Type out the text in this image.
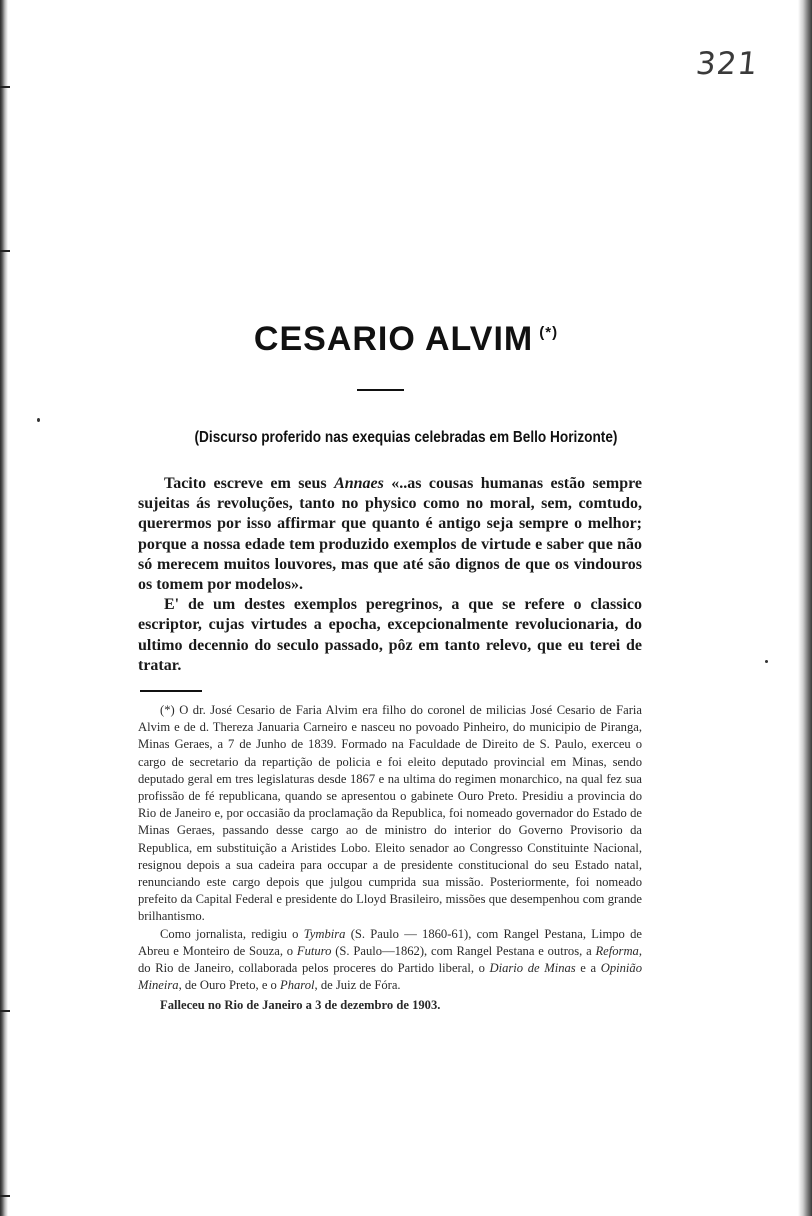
321
CESARIO ALVIM (*)
(Discurso proferido nas exequias celebradas em Bello Horizonte)

Tacito escreve em seus Annaes «..as cousas humanas estão sempre sujeitas ás revoluções, tanto no physico como no moral, sem, comtudo, querermos por isso affirmar que quanto é antigo seja sempre o melhor; porque a nossa edade tem produzido exemplos de virtude e saber que não só merecem muitos louvores, mas que até são dignos de que os vindouros os tomem por modelos».

E' de um destes exemplos peregrinos, a que se refere o classico escriptor, cujas virtudes a epocha, excepcionalmente revolucionaria, do ultimo decennio do seculo passado, pôz em tanto relevo, que eu terei de tratar.

(*) O dr. José Cesario de Faria Alvim era filho do coronel de milicias José Cesario de Faria Alvim e de d. Thereza Januaria Carneiro e nasceu no povoado Pinheiro, do municipio de Piranga, Minas Geraes, a 7 de Junho de 1839. Formado na Faculdade de Direito de S. Paulo, exerceu o cargo de secretario da repartição de policia e foi eleito deputado provincial em Minas, sendo deputado geral em tres legislaturas desde 1867 e na ultima do regimen monarchico, na qual fez sua profissão de fé republicana, quando se apresentou o gabinete Ouro Preto. Presidiu a provincia do Rio de Janeiro e, por occasião da proclamação da Republica, foi nomeado governador do Estado de Minas Geraes, passando desse cargo ao de ministro do interior do Governo Provisorio da Republica, em substituição a Aristides Lobo. Eleito senador ao Congresso Constituinte Nacional, resignou depois a sua cadeira para occupar a de presidente constitucional do seu Estado natal, renunciando este cargo depois que julgou cumprida sua missão. Posteriormente, foi nomeado prefeito da Capital Federal e presidente do Lloyd Brasileiro, missões que desempenhou com grande brilhantismo.

Como jornalista, redigiu o Tymbira (S. Paulo — 1860-61), com Rangel Pestana, Limpo de Abreu e Monteiro de Souza, o Futuro (S. Paulo—1862), com Rangel Pestana e outros, a Reforma, do Rio de Janeiro, collaborada pelos proceres do Partido liberal, o Diario de Minas e a Opinião Mineira, de Ouro Preto, e o Pharol, de Juiz de Fóra.

Falleceu no Rio de Janeiro a 3 de dezembro de 1903.
